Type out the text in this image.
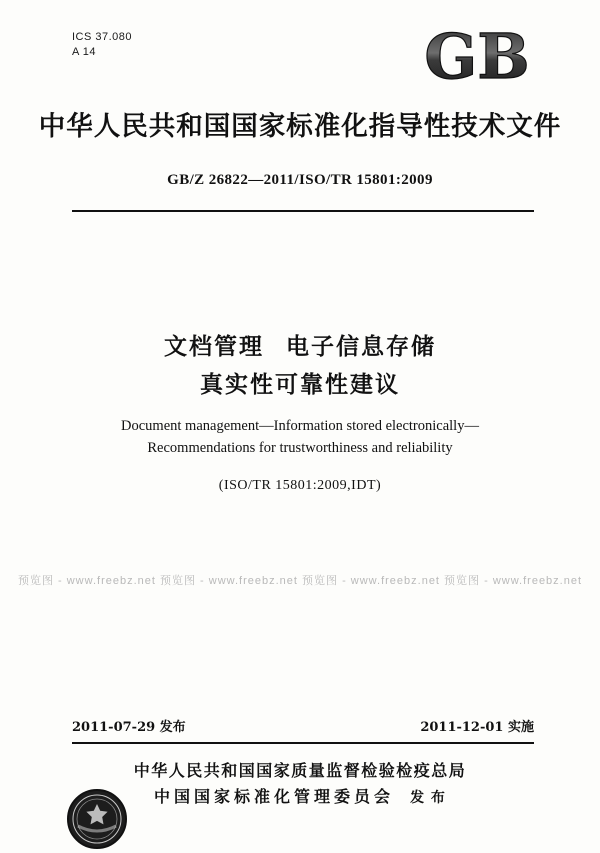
ICS 37.080
A 14	GB
中华人民共和国国家标准化指导性技术文件
GB/Z 26822—2011/ISO/TR 15801:2009
文档管理 电子信息存储
真实性可靠性建议
Document management—Information stored electronically—
Recommendations for trustworthiness and reliability
(ISO/TR 15801:2009,IDT)
预览图 - www.freebz.net 预览图 - www.freebz.net 预览图 - www.freebz.net 预览图 - www.freebz.net
2011-07-29 发布	2011-12-01 实施
中华人民共和国国家质量监督检验检疫总局
中国国家标准化管理委员会 发 布
